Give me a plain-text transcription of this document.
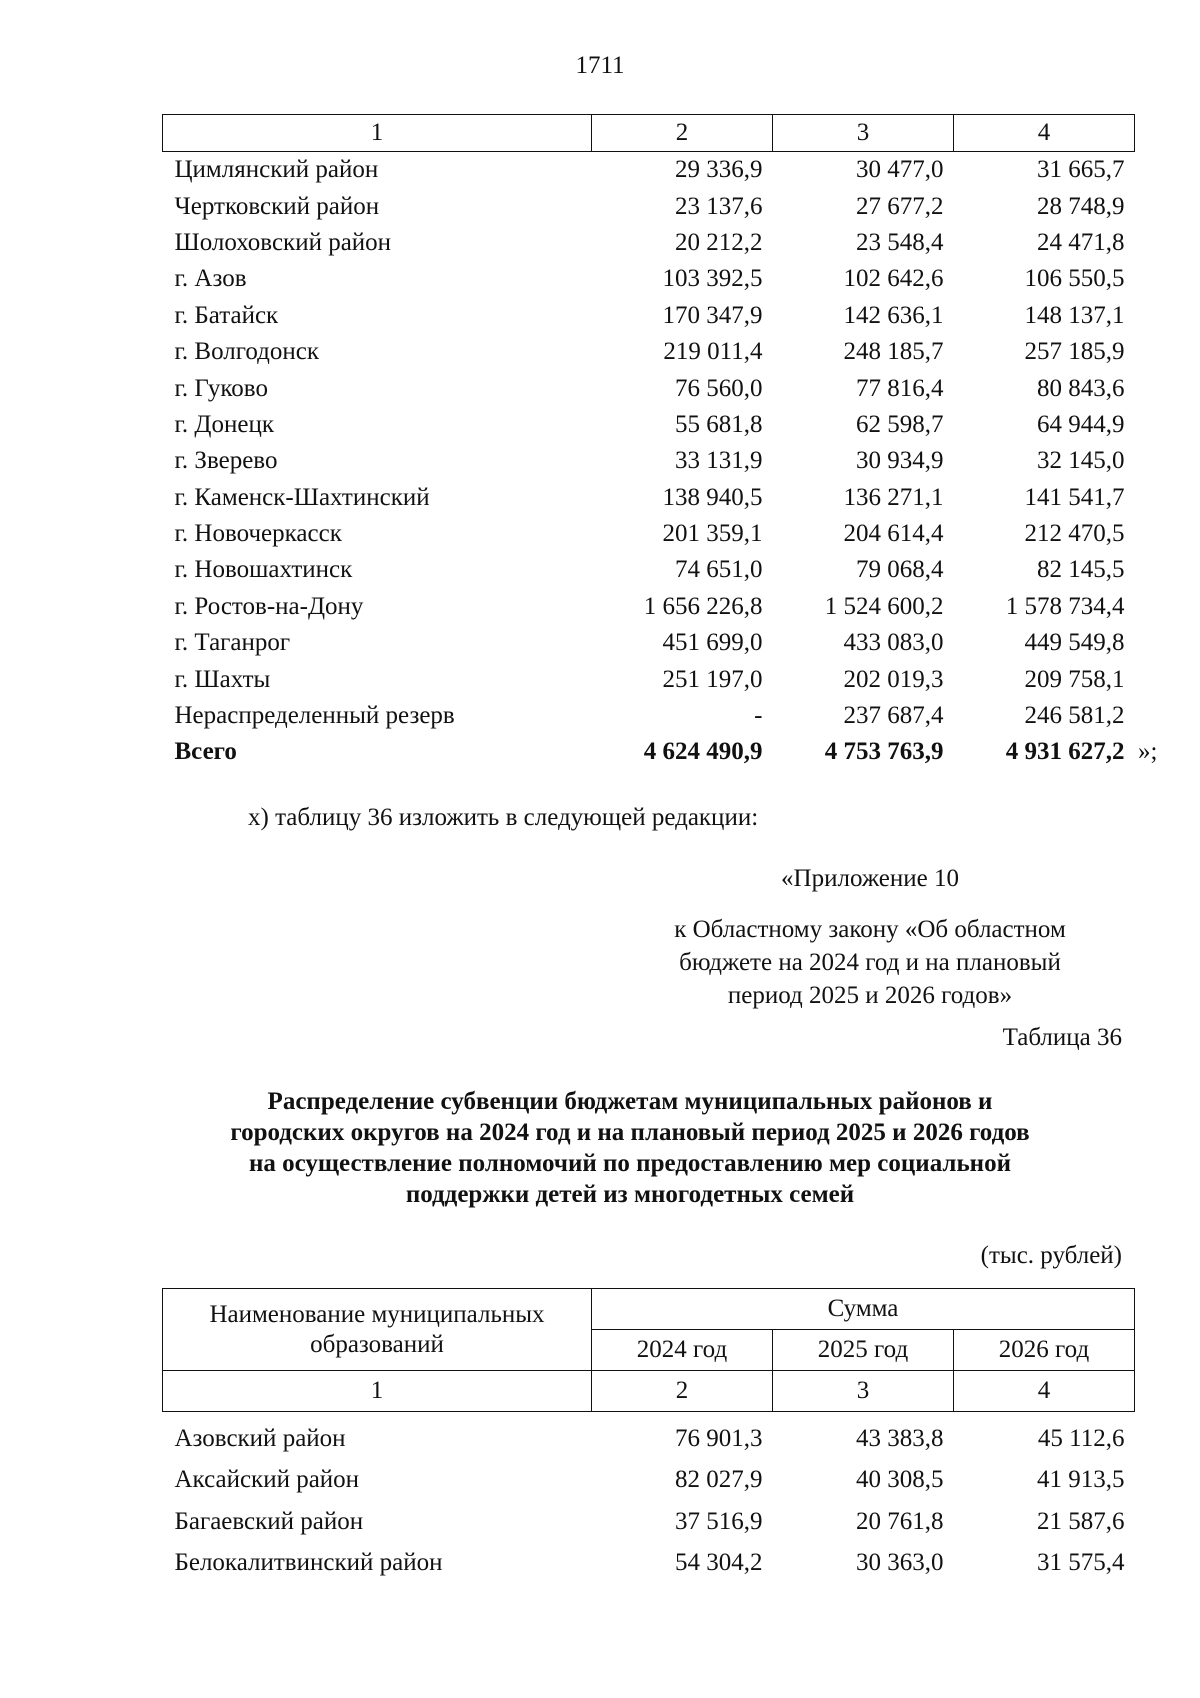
1711
1	2	3	4
Цимлянский район	29 336,9	30 477,0	31 665,7
Чертковский район	23 137,6	27 677,2	28 748,9
Шолоховский район	20 212,2	23 548,4	24 471,8
г. Азов	103 392,5	102 642,6	106 550,5
г. Батайск	170 347,9	142 636,1	148 137,1
г. Волгодонск	219 011,4	248 185,7	257 185,9
г. Гуково	76 560,0	77 816,4	80 843,6
г. Донецк	55 681,8	62 598,7	64 944,9
г. Зверево	33 131,9	30 934,9	32 145,0
г. Каменск-Шахтинский	138 940,5	136 271,1	141 541,7
г. Новочеркасск	201 359,1	204 614,4	212 470,5
г. Новошахтинск	74 651,0	79 068,4	82 145,5
г. Ростов-на-Дону	1 656 226,8	1 524 600,2	1 578 734,4
г. Таганрог	451 699,0	433 083,0	449 549,8
г. Шахты	251 197,0	202 019,3	209 758,1
Нераспределенный резерв	-	237 687,4	246 581,2
Всего	4 624 490,9	4 753 763,9	4 931 627,2 »;
х) таблицу 36 изложить в следующей редакции:
«Приложение 10
к Областному закону «Об областном
бюджете на 2024 год и на плановый
период 2025 и 2026 годов»
Таблица 36
Распределение субвенции бюджетам муниципальных районов и
городских округов на 2024 год и на плановый период 2025 и 2026 годов
на осуществление полномочий по предоставлению мер социальной
поддержки детей из многодетных семей
(тыс. рублей)
Наименование муниципальных
образований	Сумма		
	2024 год	2025 год	2026 год
1	2	3	4

Азовский район	76 901,3	43 383,8	45 112,6
Аксайский район	82 027,9	40 308,5	41 913,5
Багаевский район	37 516,9	20 761,8	21 587,6
Белокалитвинский район	54 304,2	30 363,0	31 575,4
